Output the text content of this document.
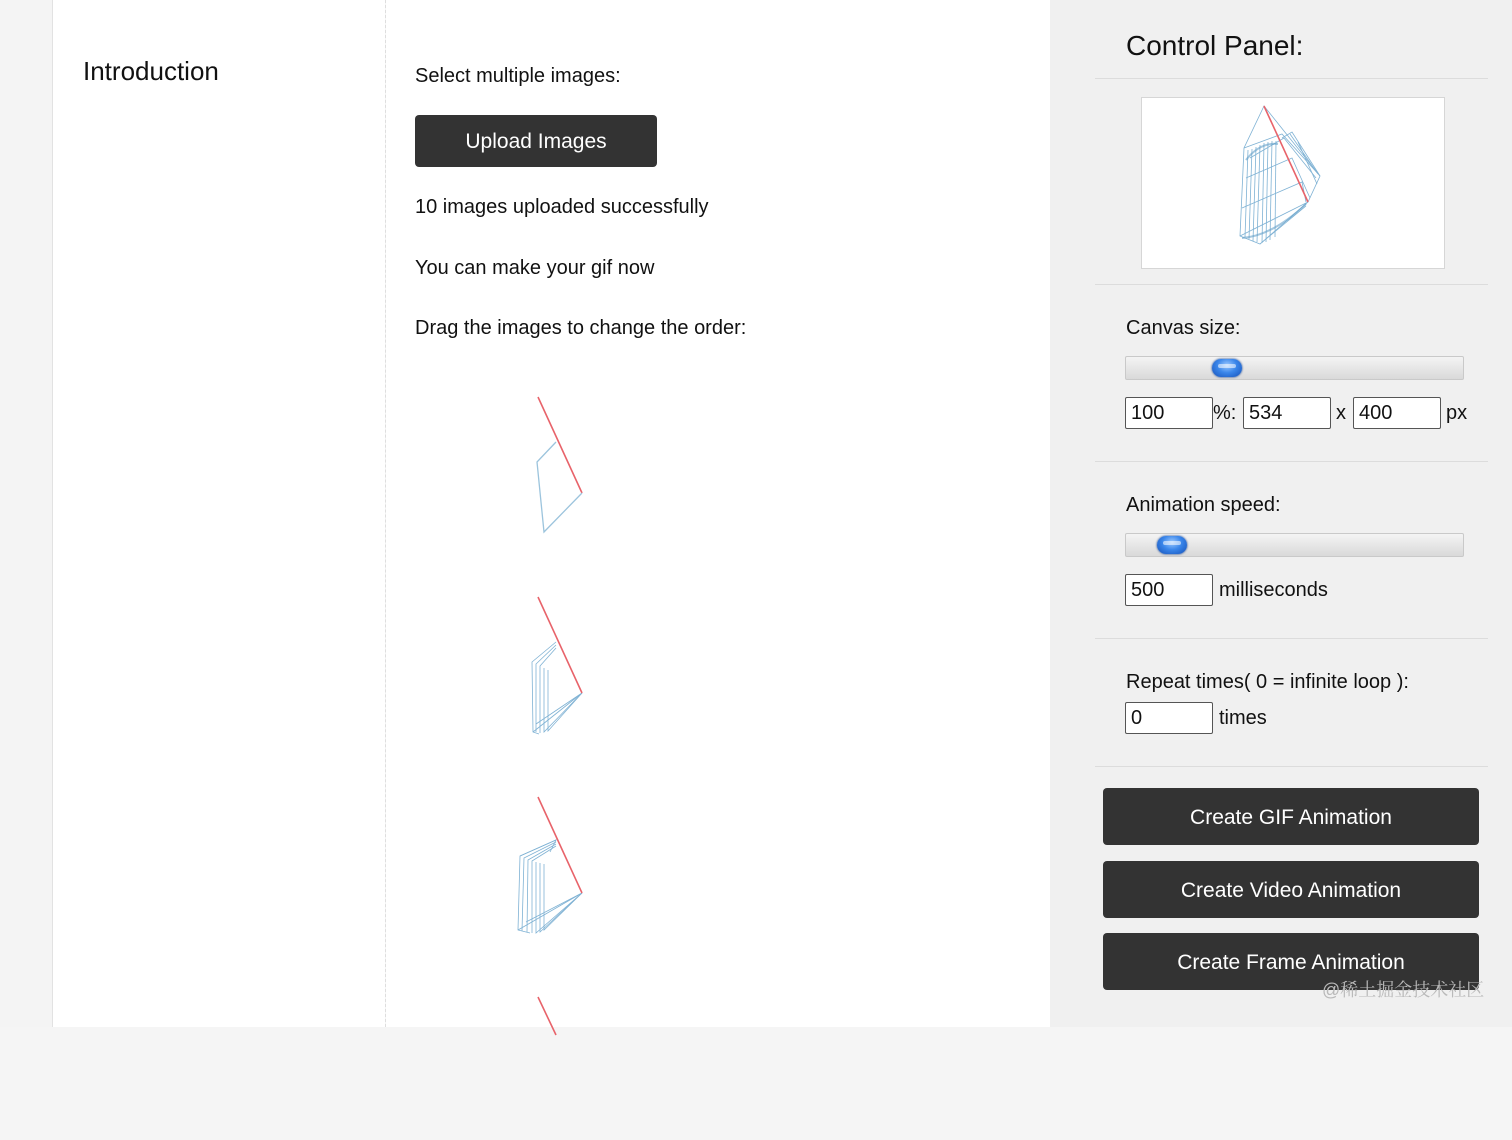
Introduction	Select multiple images:
Upload Images
10 images uploaded successfully
You can make your gif now
Drag the images to change the order:
Control Panel:
Canvas size:
100	%: 534	x 400	px
Animation speed:
500	milliseconds
Repeat times( 0 = infinite loop ):
0	times
Create GIF Animation
Create Video Animation
Create Frame Animation
@稀土掘金技术社区
